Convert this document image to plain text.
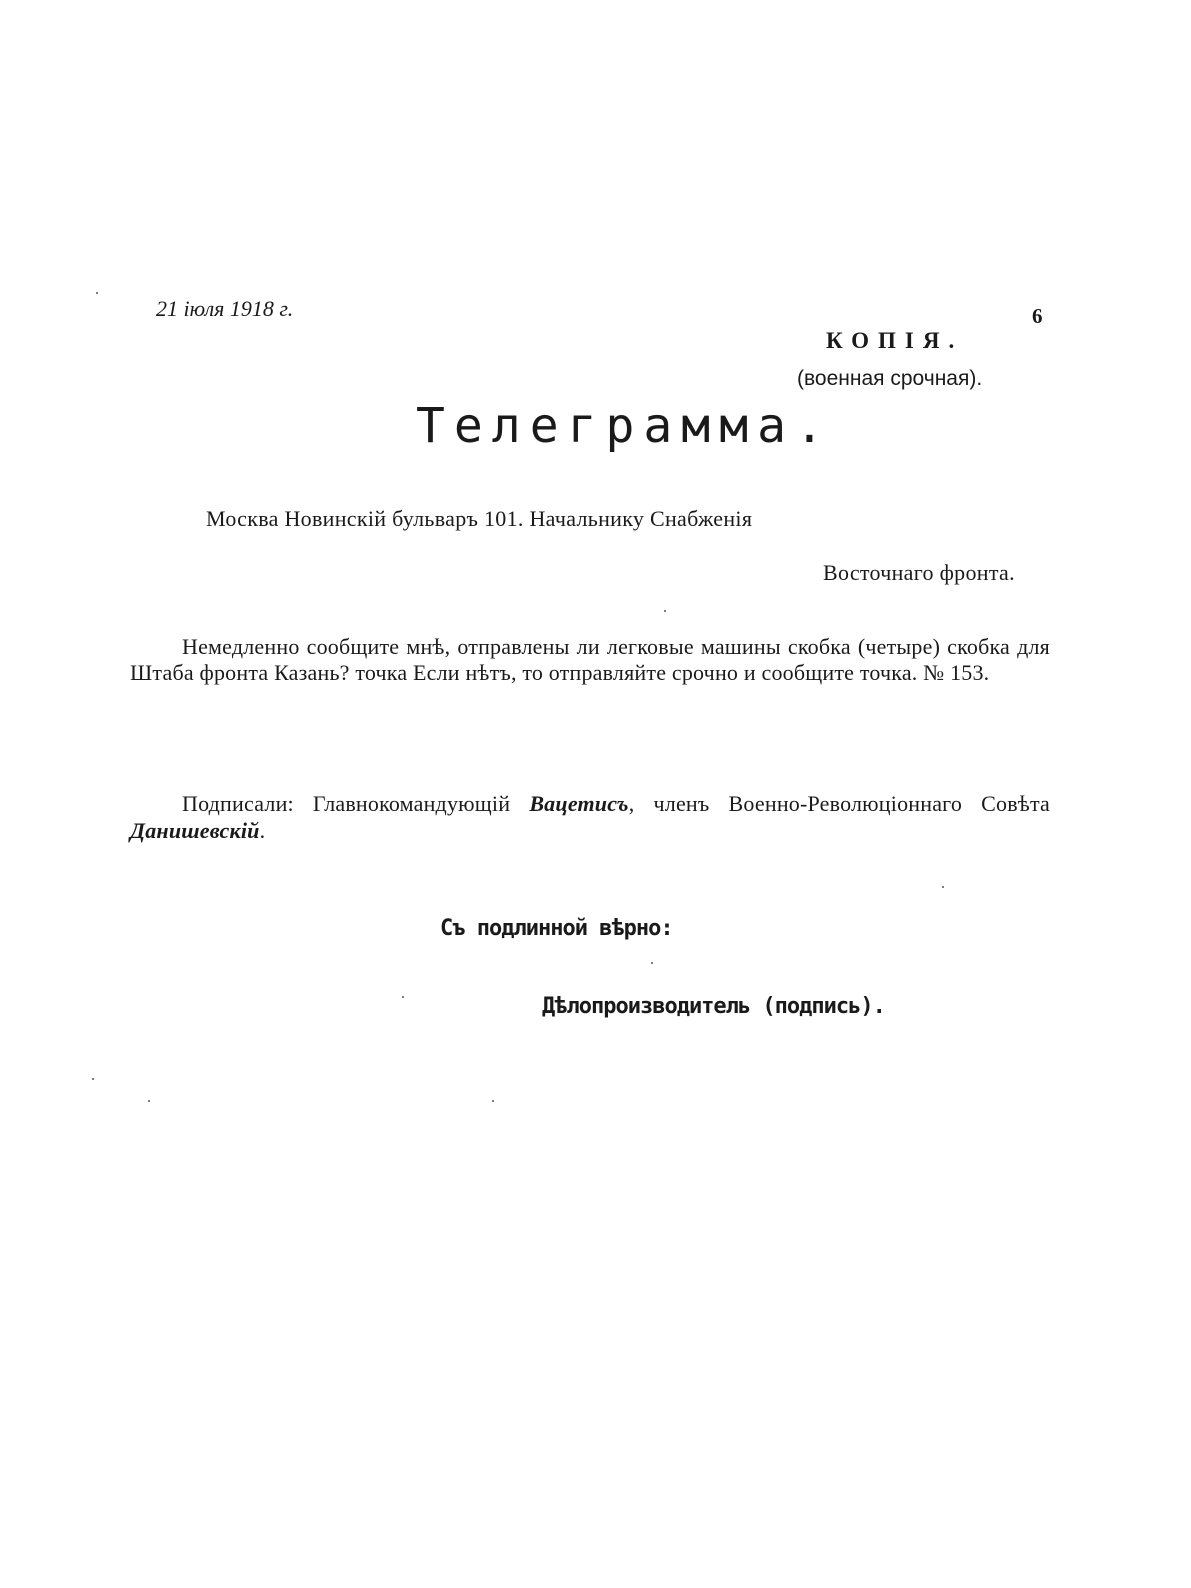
21 іюля 1918 г.	6
КОПІЯ.
(военная срочная).
Телеграмма.
Москва Новинскій бульваръ 101. Начальнику Снабженія
Восточнаго фронта.
Немедленно сообщите мнѣ, отправлены ли легковые машины скобка (четыре) скобка для Штаба фронта Казань? точка Если нѣтъ, то отправляйте срочно и сообщите точка. № 153.
Подписали: Главнокомандующій Вацетисъ, членъ Военно-Революціоннаго Совѣта Данишевскій.
Съ подлинной вѣрно:
Дѣлопроизводитель (подпись).
